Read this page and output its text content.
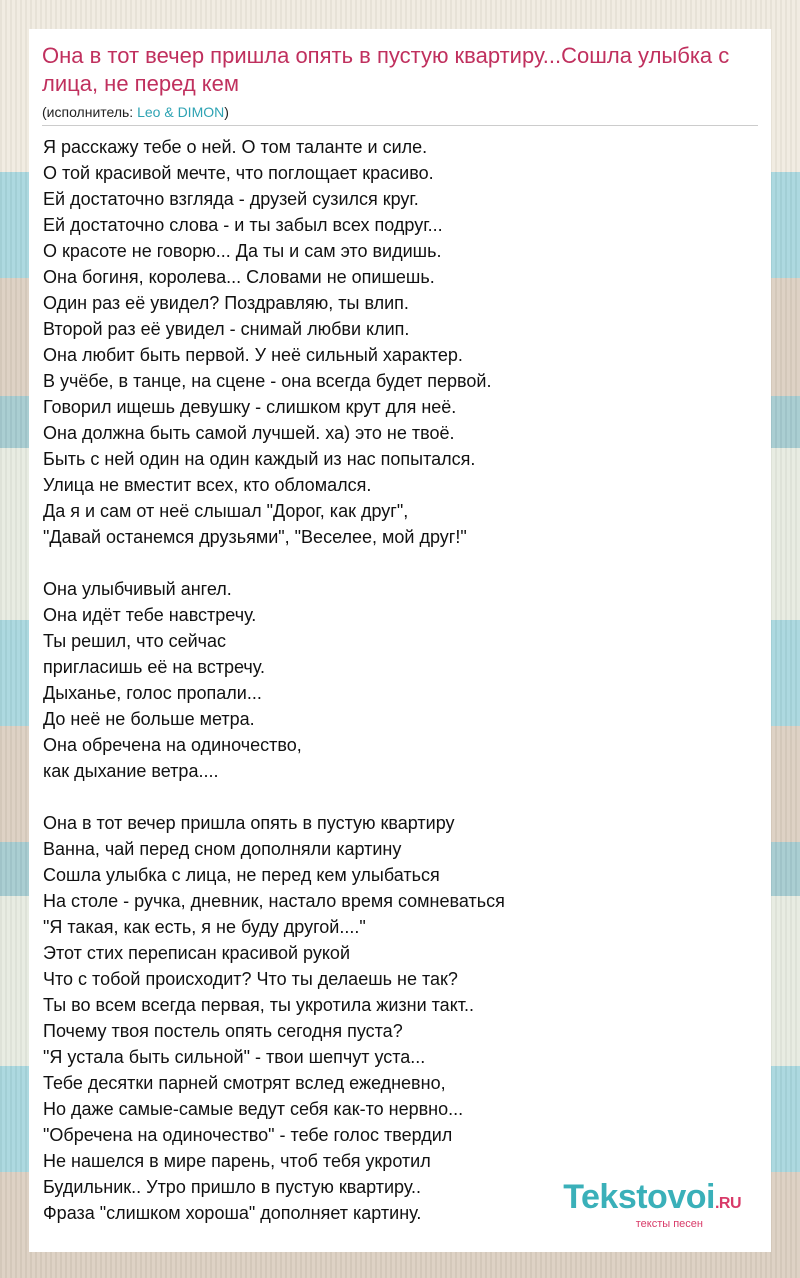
Она в тот вечер пришла опять в пустую квартиру...Сошла улыбка с лица, не перед кем
(исполнитель: Leo & DIMON)
Я расскажу тебе о ней. О том таланте и силе.
О той красивой мечте, что поглощает красиво.
Ей достаточно взгляда - друзей сузился круг.
Ей достаточно слова - и ты забыл всех подруг...
О красоте не говорю... Да ты и сам это видишь.
Она богиня, королева... Словами не опишешь.
Один раз её увидел? Поздравляю, ты влип.
Второй раз её увидел - снимай любви клип.
Она любит быть первой. У неё сильный характер.
В учёбе, в танце, на сцене - она всегда будет первой.
Говорил ищешь девушку - слишком крут для неё.
Она должна быть самой лучшей. ха) это не твоё.
Быть с ней один на один каждый из нас попытался.
Улица не вместит всех, кто обломался.
Да я и сам от неё слышал "Дорог, как друг",
"Давай останемся друзьями", "Веселее, мой друг!"
Она улыбчивый ангел.
Она идёт тебе навстречу.
Ты решил, что сейчас
пригласишь её на встречу.
Дыханье, голос пропали...
До неё не больше метра.
Она обречена на одиночество,
как дыхание ветра....
Она в тот вечер пришла опять в пустую квартиру
Ванна, чай перед сном дополняли картину
Сошла улыбка с лица, не перед кем улыбаться
На столе - ручка, дневник, настало время сомневаться
"Я такая, как есть, я не буду другой...."
Этот стих переписан красивой рукой
Что с тобой происходит? Что ты делаешь не так?
Ты во всем всегда первая, ты укротила жизни такт..
Почему твоя постель опять сегодня пуста?
"Я устала быть сильной" - твои шепчут уста...
Тебе десятки парней смотрят вслед ежедневно,
Но даже самые-самые ведут себя как-то нервно...
"Обречена на одиночество" - тебе голос твердил
Не нашелся в мире парень, чтоб тебя укротил
Будильник.. Утро пришло в пустую квартиру..
Фраза "слишком хороша" дополняет картину.	Tekstovoi.RU
тексты песен
